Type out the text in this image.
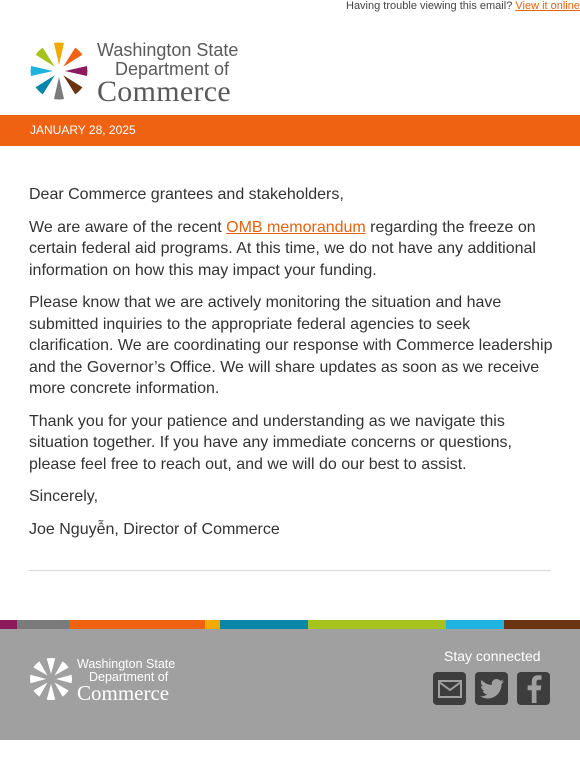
Having trouble viewing this email? View it online
Washington State
Department of
Commerce
JANUARY 28, 2025

Dear Commerce grantees and stakeholders,

We are aware of the recent OMB memorandum regarding the freeze on certain federal aid programs. At this time, we do not have any additional information on how this may impact your funding.

Please know that we are actively monitoring the situation and have submitted inquiries to the appropriate federal agencies to seek clarification. We are coordinating our response with Commerce leadership and the Governor’s Office. We will share updates as soon as we receive more concrete information.

Thank you for your patience and understanding as we navigate this situation together. If you have any immediate concerns or questions, please feel free to reach out, and we will do our best to assist.

Sincerely,

Joe Nguyễn, Director of Commerce

Washington State
Department of
Commerce
Stay connected
